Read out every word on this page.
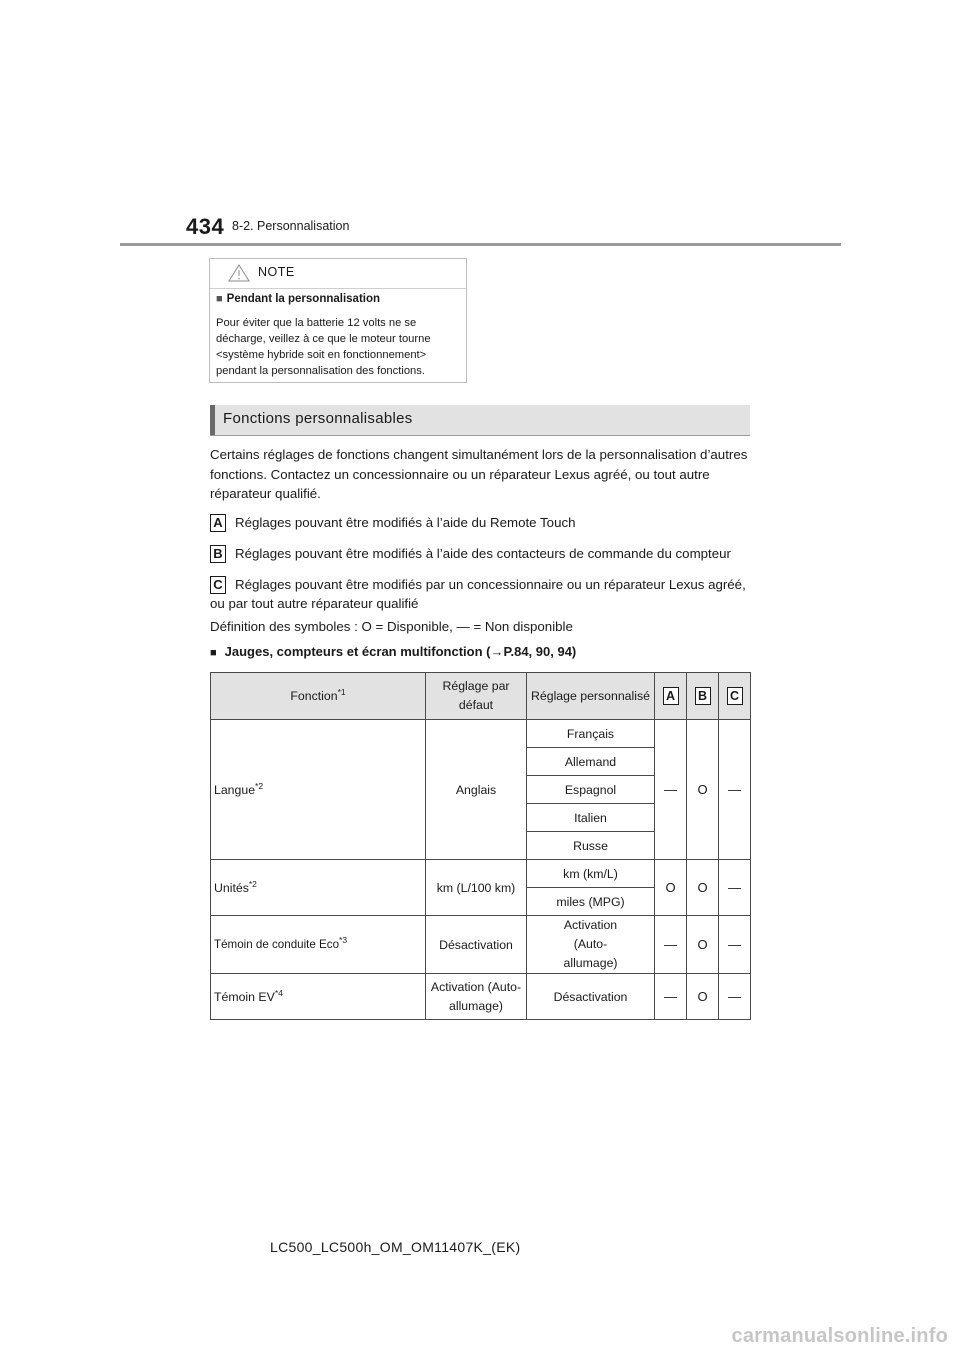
434 8-2. Personnalisation
NOTE
■ Pendant la personnalisation
Pour éviter que la batterie 12 volts ne se décharge, veillez à ce que le moteur tourne <système hybride soit en fonctionnement> pendant la personnalisation des fonctions.
Fonctions personnalisables
Certains réglages de fonctions changent simultanément lors de la personnalisation d’autres fonctions. Contactez un concessionnaire ou un réparateur Lexus agréé, ou tout autre réparateur qualifié.
A Réglages pouvant être modifiés à l’aide du Remote Touch
B Réglages pouvant être modifiés à l’aide des contacteurs de commande du compteur
C Réglages pouvant être modifiés par un concessionnaire ou un réparateur Lexus agréé, ou par tout autre réparateur qualifié
Définition des symboles : O = Disponible, — = Non disponible
■ Jauges, compteurs et écran multifonction (→P.84, 90, 94)
Fonction$^{*1}$	Réglage par défaut	Réglage personnalisé	A	B	C
Langue$^{*2}$	Anglais	Français	—	O	—
		Allemand			
		Espagnol			
		Italien			
		Russe			
Unités$^{*2}$	km (L/100 km)	km (km/L)	O	O	—
		miles (MPG)			
Témoin de conduite Eco$^{*3}$	Désactivation	Activation (Auto-allumage)	—	O	—
Témoin EV$^{*4}$	Activation (Auto-allumage)	Désactivation	—	O	—
LC500_LC500h_OM_OM11407K_(EK)
carmanualsonline.info
